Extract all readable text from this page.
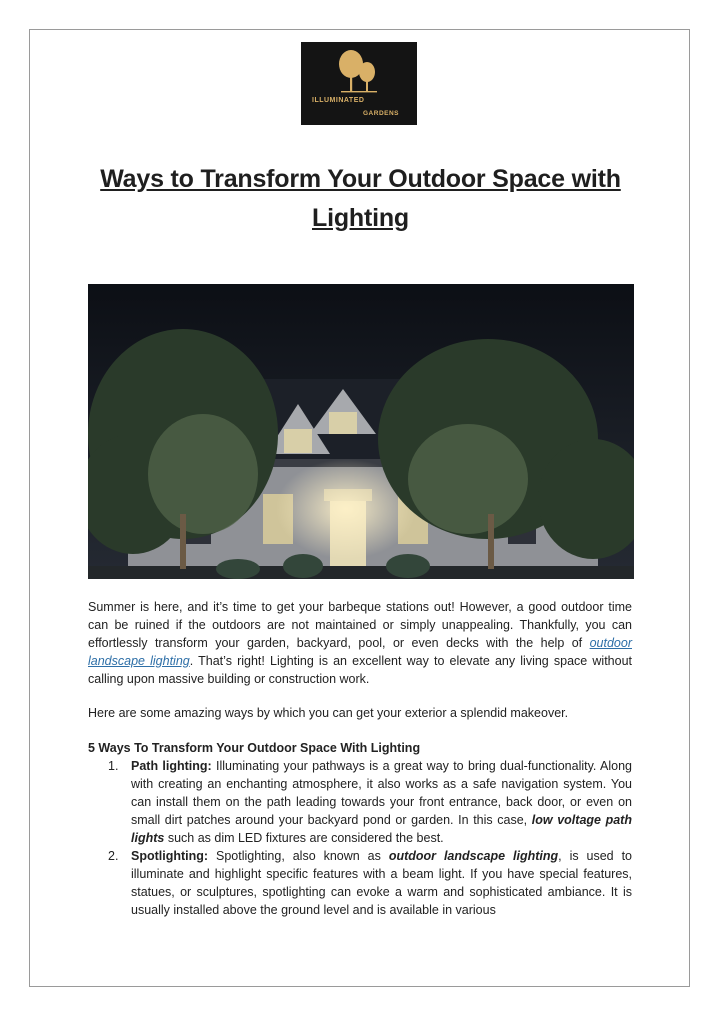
ILLUMINATED
GARDENS
Ways to Transform Your Outdoor Space with Lighting

Summer is here, and it’s time to get your barbeque stations out! However, a good outdoor time can be ruined if the outdoors are not maintained or simply unappealing. Thankfully, you can effortlessly transform your garden, backyard, pool, or even decks with the help of outdoor landscape lighting. That’s right! Lighting is an excellent way to elevate any living space without calling upon massive building or construction work.

Here are some amazing ways by which you can get your exterior a splendid makeover.

5 Ways To Transform Your Outdoor Space With Lighting

1. Path lighting: Illuminating your pathways is a great way to bring dual-functionality. Along with creating an enchanting atmosphere, it also works as a safe navigation system. You can install them on the path leading towards your front entrance, back door, or even on small dirt patches around your backyard pond or garden. In this case, low voltage path lights such as dim LED fixtures are considered the best.
2. Spotlighting: Spotlighting, also known as outdoor landscape lighting, is used to illuminate and highlight specific features with a beam light. If you have special features, statues, or sculptures, spotlighting can evoke a warm and sophisticated ambiance. It is usually installed above the ground level and is available in various
